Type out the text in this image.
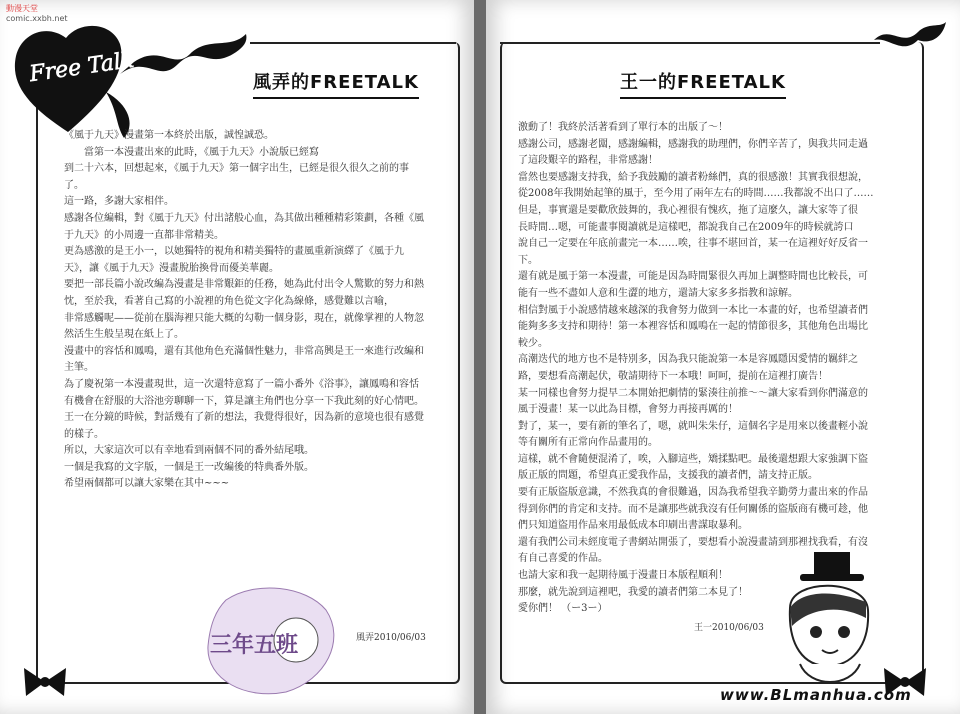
動漫天堂
comic.xxbh.net
Free Talk	風弄的FREETALK	王一的FREETALK

《風于九天》漫畫第一本終於出版，誠惶誠恐。

　　當第一本漫畫出來的此時，《風于九天》小說版已經寫

到二十六本，回想起來，《風于九天》第一個字出生，已經是很久很久之前的事

了。

這一路，多謝大家相伴。

感謝各位編輯，對《風于九天》付出諸般心血，為其做出種種精彩策劃，各種《風

于九天》的小周邊一直都非常精美。

更為感激的是王小一，以她獨特的視角和精美獨特的畫風重新演繹了《風于九

天》，讓《風于九天》漫畫脫胎換骨而優美華麗。

要把一部長篇小說改編為漫畫是非常艱鉅的任務，她為此付出令人驚歎的努力和熱

忱，至於我，看著自己寫的小說裡的角色從文字化為線條，感覺難以言喻，

非常感觸呢——從前在腦海裡只能大概的勾勒一個身影，現在，就像掌裡的人物忽

然活生生般呈現在紙上了。

漫畫中的容恬和鳳鳴，還有其他角色充滿個性魅力，非常高興是王一來進行改編和

主筆。

為了慶祝第一本漫畫現世，這一次還特意寫了一篇小番外《浴事》，讓鳳鳴和容恬

有機會在舒服的大浴池旁聊聊一下，算是讓主角們也分享一下我此刻的好心情吧。

王一在分鏡的時候，對話幾有了新的想法，我覺得很好，因為新的意境也很有感覺

的樣子。

所以，大家這次可以有幸地看到兩個不同的番外結尾哦。

一個是我寫的文字版，一個是王一改編後的特典番外版。

希望兩個都可以讓大家樂在其中~~~

激動了！我終於活著看到了單行本的出版了～！

感謝公司，感謝老闆，感謝編輯，感謝我的助理們，你們辛苦了，與我共同走過

了這段艱辛的路程，非常感謝！

當然也要感謝支持我，給予我鼓勵的讀者粉絲們，真的很感激！其實我很想說，

從2008年我開始起筆的風于，至今用了兩年左右的時間……我都說不出口了……

但是，事實還是要歡欣鼓舞的，我心裡很有愧疚，拖了這麼久，讓大家等了很

長時間…嗯，可能畫事閱讀就是這樣吧，都說我自己在2009年的時候就誇口

說自己一定要在年底前畫完一本……唉，往事不堪回首，某一在這裡好好反省一

下。

還有就是風于第一本漫畫，可能是因為時間緊很久再加上調整時間也比較長，可

能有一些不盡如人意和生澀的地方，還請大家多多指教和諒解。

相信對風于小說感情越來越深的我會努力做到一本比一本畫的好，也希望讀者們

能夠多多支持和期待！第一本裡容恬和鳳鳴在一起的情節很多，其他角色出場比

較少。

高潮迭代的地方也不是特別多，因為我只能說第一本是容鳳隱因愛情的羈絆之

路，要想看高潮起伏，敬請期待下一本哦！呵呵，提前在這裡打廣告！

某一同樣也會努力提早二本開始把劇情的緊湊往前推～～讓大家看到你們滿意的

風于漫畫！某一以此為目標，會努力再接再厲的！

對了，某一，要有新的筆名了，嗯，就叫朱朱仔，這個名字是用來以後畫輕小說

等有關所有正常向作品畫用的。

這樣，就不會隨便混淆了，唉，入腳這些，矯揉點吧。最後還想跟大家強調下盜

版正版的問題，希望真正愛我作品，支援我的讀者們，請支持正版。

要有正版盜版意識，不然我真的會很難過，因為我希望我辛勤勞力畫出來的作品

得到你們的肯定和支持。而不是讓那些就我沒有任何關係的盜版商有機可趁，他

們只知道盜用作品來用最低成本印刷出書謀取暴利。

還有我們公司未經度電子書網站開張了，要想看小說漫畫請到那裡找我看，有沒

有自己喜愛的作品。

也請大家和我一起期待風于漫畫日本版程順利！

那麼，就先說到這裡吧，我愛的讀者們第二本見了！

愛你們！ （ー3ー）

三年五班	風弄2010/06/03
王一2010/06/03
www.BLmanhua.com
